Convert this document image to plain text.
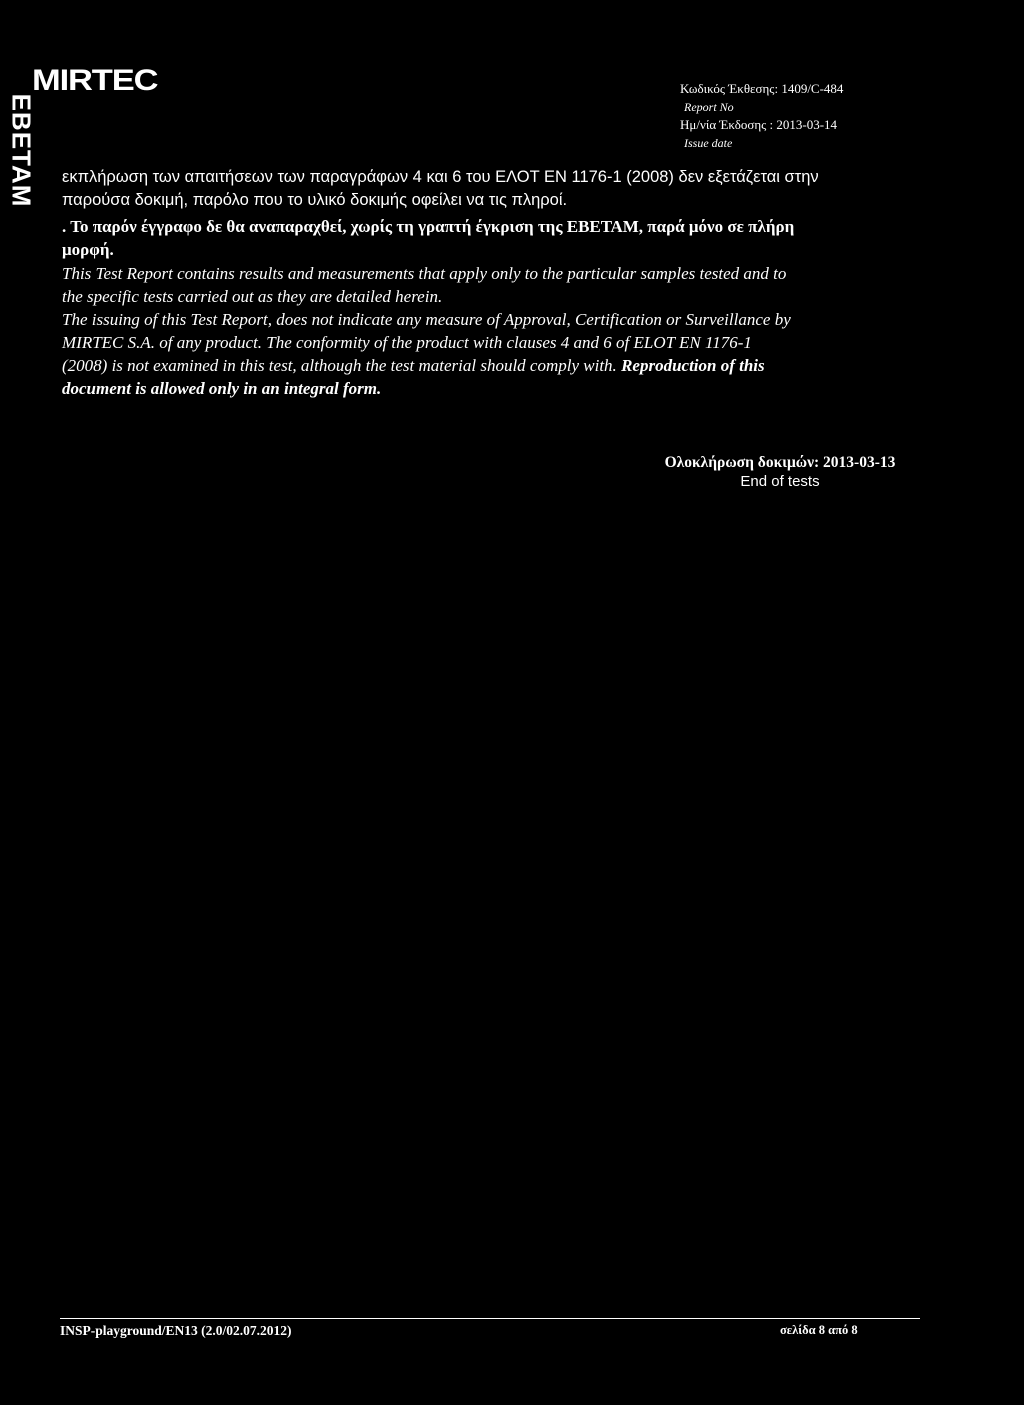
MIRTEC
ΕΒΕΤΑΜ
Κωδικός Έκθεσης: 1409/C-484
Report No
Ημ/νία Έκδοσης : 2013-03-14
Issue date

εκπλήρωση των απαιτήσεων των παραγράφων 4 και 6 του ΕΛΟΤ ΕΝ 1176-1 (2008) δεν εξετάζεται στην

παρούσα δοκιμή, παρόλο που το υλικό δοκιμής οφείλει να τις πληροί.

. Το παρόν έγγραφο δε θα αναπαραχθεί, χωρίς τη γραπτή έγκριση της ΕΒΕΤΑΜ, παρά μόνο σε πλήρη

μορφή.

This Test Report contains results and measurements that apply only to the particular samples tested and to

the specific tests carried out as they are detailed herein.

The issuing of this Test Report, does not indicate any measure of Approval, Certification or Surveillance by

MIRTEC S.A. of any product. The conformity of the product with clauses 4 and 6 of ELOT EN 1176-1

(2008) is not examined in this test, although the test material should comply with. Reproduction of this

document is allowed only in an integral form.

Ολοκλήρωση δοκιμών: 2013-03-13
End of tests
INSP-playground/EN13 (2.0/02.07.2012)	σελίδα 8 από 8
